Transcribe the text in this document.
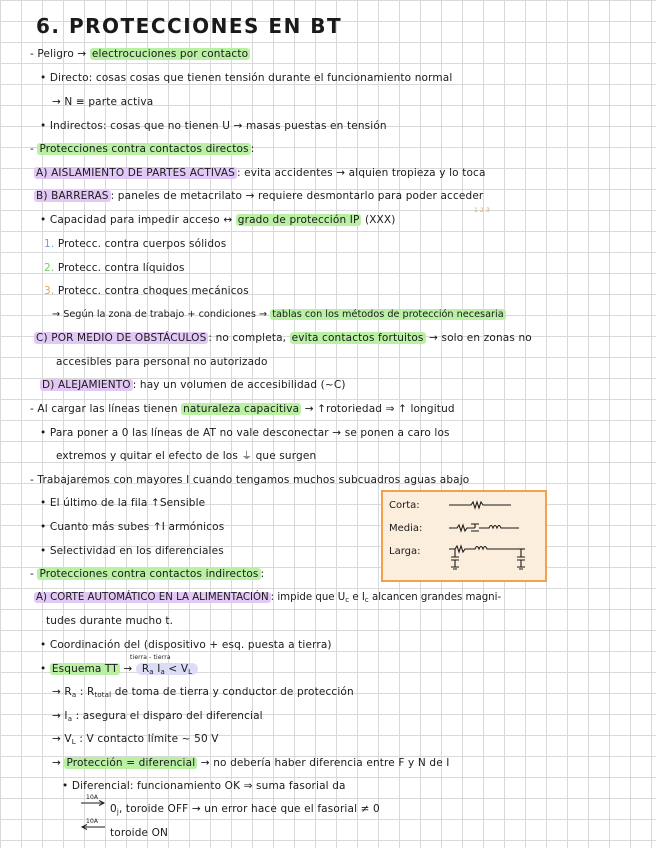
6. PROTECCIONES EN BT
- Peligro → electrocuciones por contacto
• Directo: cosas cosas que tienen tensión durante el funcionamiento normal
→ N ≡ parte activa
• Indirectos: cosas que no tienen U → masas puestas en tensión
- Protecciones contra contactos directos :
A) AISLAMIENTO DE PARTES ACTIVAS : evita accidentes → alquien tropieza y lo toca
B) BARRERAS : paneles de metacrilato → requiere desmontarlo para poder acceder
• Capacidad para impedir acceso ↔ grado de protección IP (XXX)
1 2 3
1. Protecc. contra cuerpos sólidos
2. Protecc. contra líquidos
3. Protecc. contra choques mecánicos
→ Según la zona de trabajo + condiciones → tablas con los métodos de protección necesaria
C) POR MEDIO DE OBSTÁCULOS : no completa, evita contactos fortuitos → solo en zonas no
accesibles para personal no autorizado
D) ALEJAMIENTO : hay un volumen de accesibilidad (~C)
- Al cargar las líneas tienen naturaleza capacitiva → ↑rotoriedad ⇒ ↑ longitud
• Para poner a 0 las líneas de AT no vale desconectar → se ponen a caro los
extremos y quitar el efecto de los ⏚ que surgen
- Trabajaremos con mayores I cuando tengamos muchos subcuadros aguas abajo
• El último de la fila ↑Sensible
• Cuanto más subes ↑I armónicos
• Selectividad en los diferenciales
Corta:
Media:
Larga:
- Protecciones contra contactos indirectos :
A) CORTE AUTOMÁTICO EN LA ALIMENTACIÓN : impide que $U_c$ e $I_c$ alcancen grandes magni-
tudes durante mucho t.
• Coordinación del (dispositivo + esq. puesta a tierra)
tierra - tierra
• Esquema TT → $R_a$ $I_a < V_L$
→ $R_a$ : $R_{total}$ de toma de tierra y conductor de protección
→ $I_a$ : asegura el disparo del diferencial
→ $V_L$ : V contacto límite ~ 50 V
→ Protección = diferencial → no debería haber diferencia entre F y N de I
• Diferencial: funcionamiento OK ⇒ suma fasorial da
10A
$0_j$, toroide OFF → un error hace que el fasorial ≠ 0
10A
toroide ON
